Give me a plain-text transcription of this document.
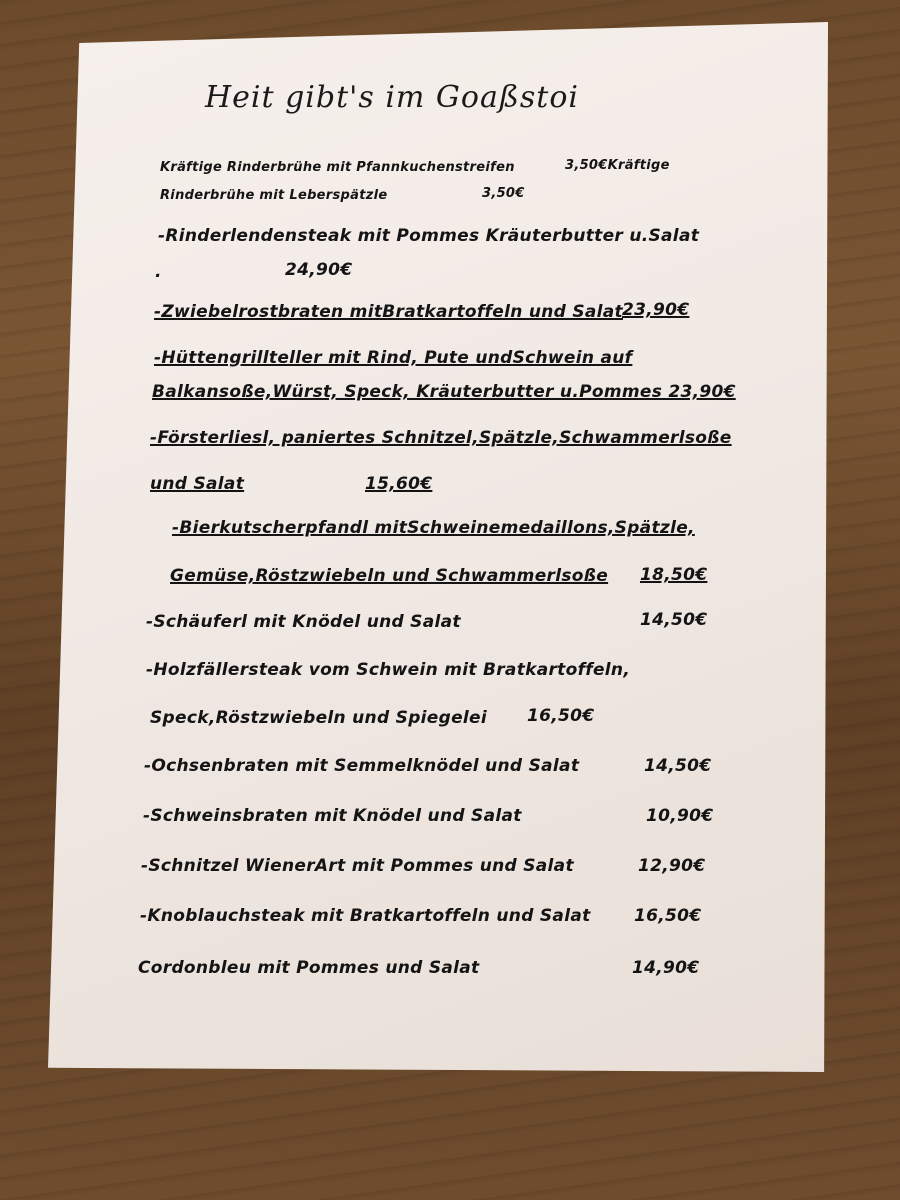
Heit gibt's im Goaßstoi
Kräftige Rinderbrühe mit Pfannkuchenstreifen	3,50€Kräftige
Rinderbrühe mit Leberspätzle	3,50€
-Rinderlendensteak mit Pommes Kräuterbutter u.Salat
.	24,90€
-Zwiebelrostbraten mitBratkartoffeln und Salat 23,90€
-Hüttengrillteller mit Rind, Pute undSchwein auf
Balkansoße,Würst, Speck, Kräuterbutter u.Pommes 23,90€
-Försterliesl, paniertes Schnitzel,Spätzle,Schwammerlsoße
und Salat	15,60€
-Bierkutscherpfandl mitSchweinemedaillons,Spätzle,
Gemüse,Röstzwiebeln und Schwammerlsoße 18,50€
-Schäuferl mit Knödel und Salat	14,50€
-Holzfällersteak vom Schwein mit Bratkartoffeln,
Speck,Röstzwiebeln und Spiegelei 16,50€
-Ochsenbraten mit Semmelknödel und Salat	14,50€
-Schweinsbraten mit Knödel und Salat	10,90€
-Schnitzel WienerArt mit Pommes und Salat	12,90€
-Knoblauchsteak mit Bratkartoffeln und Salat	16,50€
Cordonbleu mit Pommes und Salat	14,90€
